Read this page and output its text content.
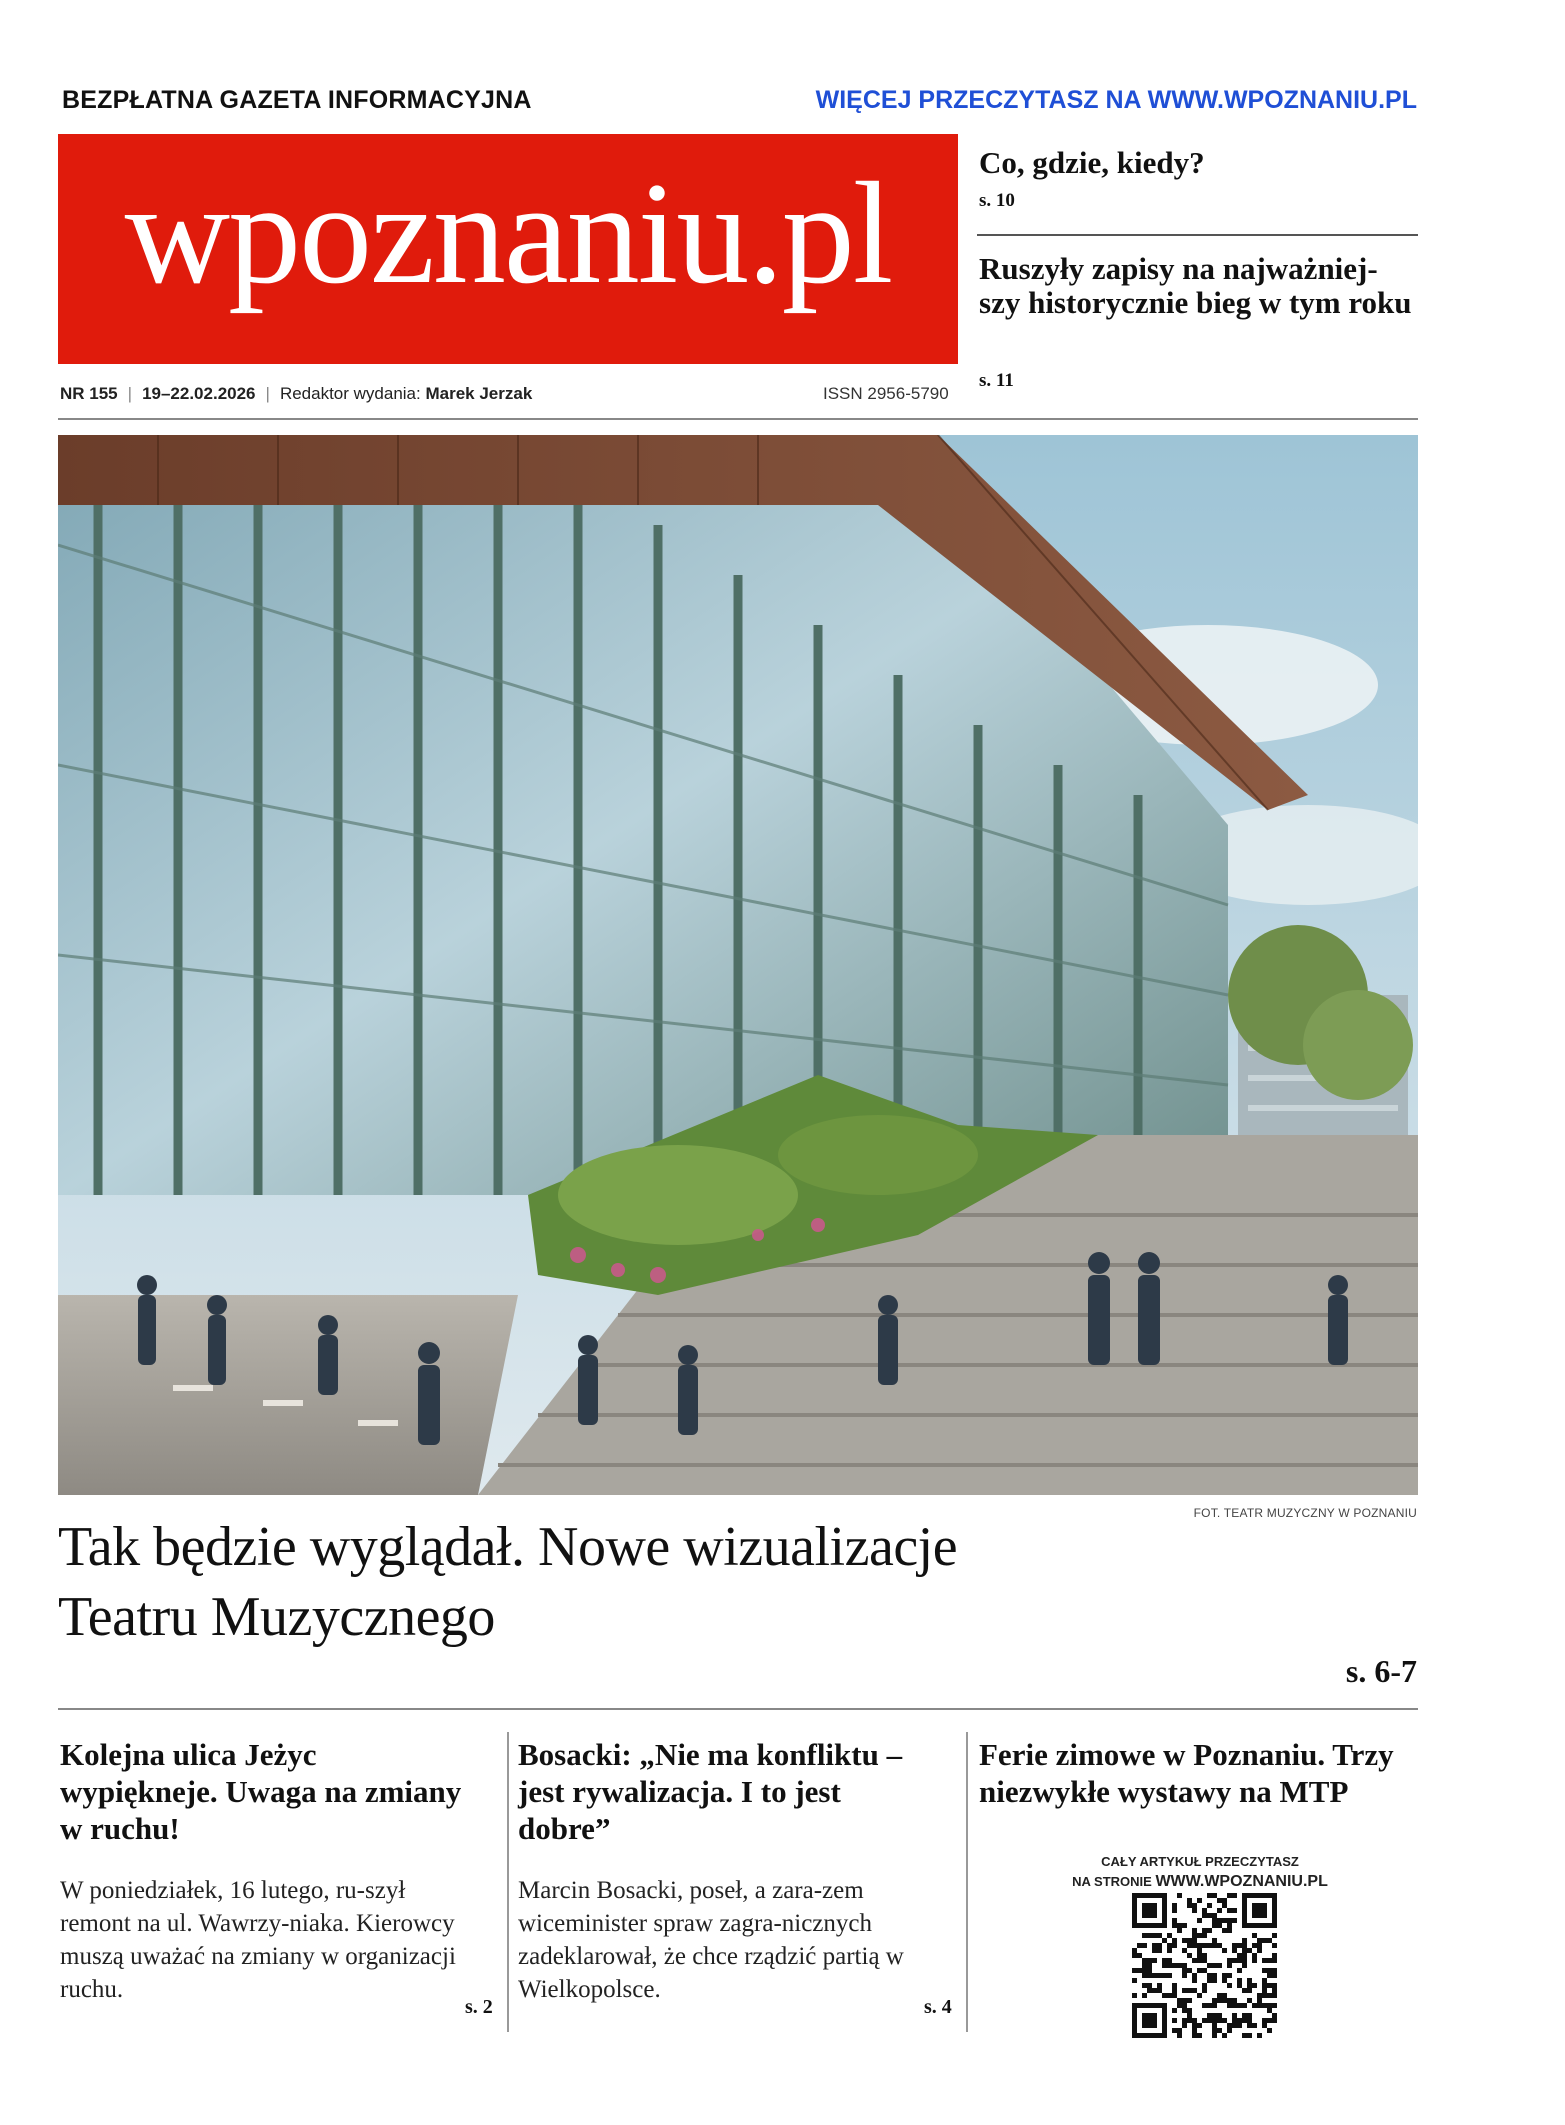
BEZPŁATNA GAZETA INFORMACYJNA	WIĘCEJ PRZECZYTASZ NA WWW.WPOZNANIU.PL
wpoznaniu.pl	Co, gdzie, kiedy?
s. 10
Ruszyły zapisy na najważniej-szy historycznie bieg w tym roku
s. 11
NR 155 | 19–22.02.2026 | Redaktor wydania: Marek Jerzak	ISSN 2956-5790
FOT. TEATR MUZYCZNY W POZNANIU
Tak będzie wyglądał. Nowe wizualizacje Teatru Muzycznego
s. 6-7
Kolejna ulica Jeżyc wypiękneje. Uwaga na zmiany w ruchu!
W poniedziałek, 16 lutego, ru-szył remont na ul. Wawrzy-niaka. Kierowcy muszą uważać na zmiany w organizacji ruchu.
s. 2
Bosacki: „Nie ma konfliktu – jest rywalizacja. I to jest dobre”
Marcin Bosacki, poseł, a zara-zem wiceminister spraw zagra-nicznych zadeklarował, że chce rządzić partią w Wielkopolsce.
s. 4
Ferie zimowe w Poznaniu. Trzy niezwykłe wystawy na MTP
CAŁY ARTYKUŁ PRZECZYTASZ
NA STRONIE WWW.WPOZNANIU.PL
